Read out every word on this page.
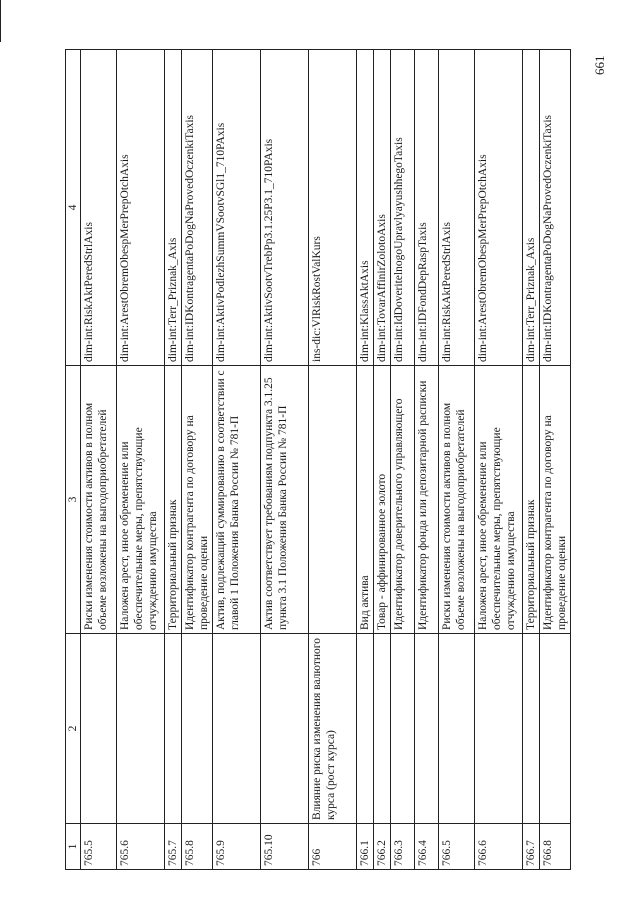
661
1	2	3	4
765.5		Риски изменения стоимости активов в полном объеме возложены на выгодоприобретателей	dim-int:RiskAktPeredStrlAxis
765.6		Наложен арест, иное обременение или обеспечительные меры, препятствующие отчуждению имущества	dim-int:ArestObremObespMerPrepOtchAxis
765.7		Территориальный признак	dim-int:Terr_Priznak_Axis
765.8		Идентификатор контрагента по договору на проведение оценки	dim-int:IDKontragentaPoDogNaProvedOczenkiTaxis
765.9		Актив, подлежащий суммированию в соответствии с главой 1 Положения Банка России № 781-П	dim-int:AktivPodlezhSummVSootvSGl1_710PAxis
765.10		Актив соответствует требованиям подпункта 3.1.25 пункта 3.1 Положения Банка России № 781-П	dim-int:AktivSootvTrebPp3.1.25P3.1_710PAxis
766	Влияние риска изменения валютного курса (рост курса)		ins-dic:VlRiskRostValKurs
766.1		Вид актива	dim-int:KlassAktAxis
766.2		Товар - аффинированное золото	dim-int:TovarAffinirZolotoAxis
766.3		Идентификатор доверительного управляющего	dim-int:IdDoveritelnogoUpravlyayushhegoTaxis
766.4		Идентификатор фонда или депозитарной расписки	dim-int:IDFondDepRaspTaxis
766.5		Риски изменения стоимости активов в полном объеме возложены на выгодоприобретателей	dim-int:RiskAktPeredStrlAxis
766.6		Наложен арест, иное обременение или обеспечительные меры, препятствующие отчуждению имущества	dim-int:ArestObremObespMerPrepOtchAxis
766.7		Территориальный признак	dim-int:Terr_Priznak_Axis
766.8		Идентификатор контрагента по договору на проведение оценки	dim-int:IDKontragentaPoDogNaProvedOczenkiTaxis
